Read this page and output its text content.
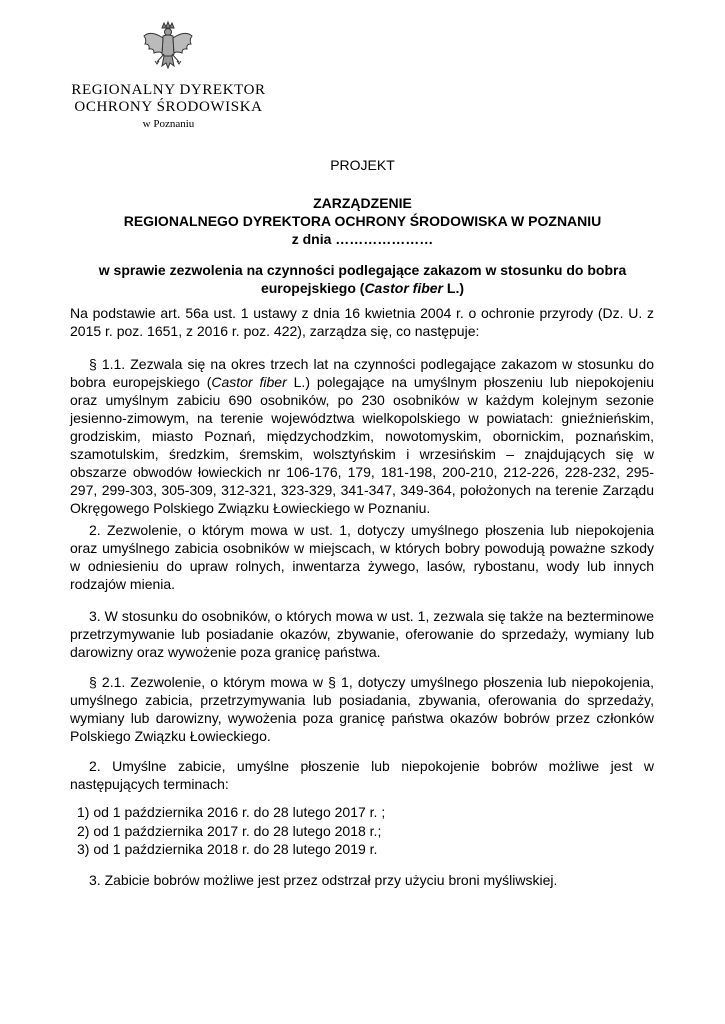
REGIONALNY DYREKTOR
OCHRONY ŚRODOWISKA
w Poznaniu
PROJEKT
ZARZĄDZENIE
REGIONALNEGO DYREKTORA OCHRONY ŚRODOWISKA W POZNANIU
z dnia …………………
w sprawie zezwolenia na czynności podlegające zakazom w stosunku do bobra europejskiego (Castor fiber L.)
Na podstawie art. 56a ust. 1 ustawy z dnia 16 kwietnia 2004 r. o ochronie przyrody (Dz. U. z 2015 r. poz. 1651, z 2016 r. poz. 422), zarządza się, co następuje:
§ 1.1. Zezwala się na okres trzech lat na czynności podlegające zakazom w stosunku do bobra europejskiego (Castor fiber L.) polegające na umyślnym płoszeniu lub niepokojeniu oraz umyślnym zabiciu 690 osobników, po 230 osobników w każdym kolejnym sezonie jesienno-zimowym, na terenie województwa wielkopolskiego w powiatach: gnieźnieńskim, grodziskim, miasto Poznań, międzychodzkim, nowotomyskim, obornickim, poznańskim, szamotulskim, średzkim, śremskim, wolsztyńskim i wrzesińskim – znajdujących się w obszarze obwodów łowieckich nr 106-176, 179, 181-198, 200-210, 212-226, 228-232, 295-297, 299-303, 305-309, 312-321, 323-329, 341-347, 349-364, położonych na terenie Zarządu Okręgowego Polskiego Związku Łowieckiego w Poznaniu.
2. Zezwolenie, o którym mowa w ust. 1, dotyczy umyślnego płoszenia lub niepokojenia oraz umyślnego zabicia osobników w miejscach, w których bobry powodują poważne szkody w odniesieniu do upraw rolnych, inwentarza żywego, lasów, rybostanu, wody lub innych rodzajów mienia.
3. W stosunku do osobników, o których mowa w ust. 1, zezwala się także na bezterminowe przetrzymywanie lub posiadanie okazów, zbywanie, oferowanie do sprzedaży, wymiany lub darowizny oraz wywożenie poza granicę państwa.
§ 2.1. Zezwolenie, o którym mowa w § 1, dotyczy umyślnego płoszenia lub niepokojenia, umyślnego zabicia, przetrzymywania lub posiadania, zbywania, oferowania do sprzedaży, wymiany lub darowizny, wywożenia poza granicę państwa okazów bobrów przez członków Polskiego Związku Łowieckiego.
2. Umyślne zabicie, umyślne płoszenie lub niepokojenie bobrów możliwe jest w następujących terminach:
1) od 1 października 2016 r. do 28 lutego 2017 r. ;
2) od 1 października 2017 r. do 28 lutego 2018 r.;
3) od 1 października 2018 r. do 28 lutego 2019 r.
3. Zabicie bobrów możliwe jest przez odstrzał przy użyciu broni myśliwskiej.
